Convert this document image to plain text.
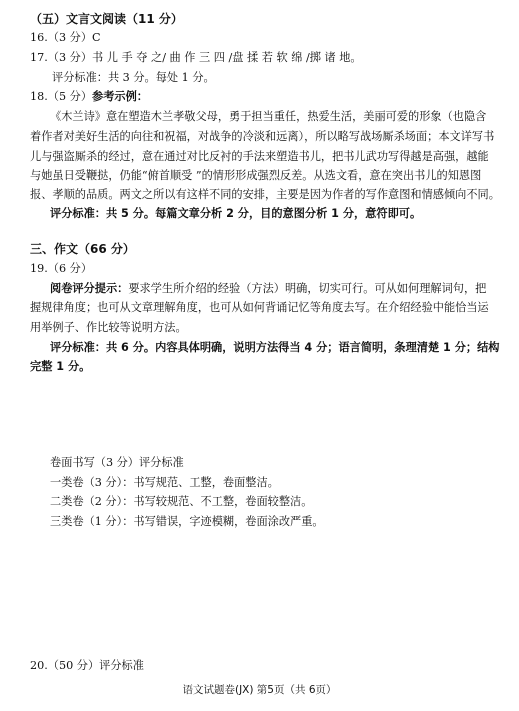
（五）文言文阅读（11 分）
16.（3 分）C
17.（3 分）书 儿 手 夺 之/ 曲 作 三 四 /盘 揉 若 软 绵 /掷 诸 地。
评分标准：共 3 分。每处 1 分。
18.（5 分）参考示例：
《木兰诗》意在塑造木兰孝敬父母，勇于担当重任，热爱生活，美丽可爱的形象（也隐含
着作者对美好生活的向往和祝福，对战争的冷淡和远离），所以略写战场厮杀场面；本文详写书
儿与强盗厮杀的经过，意在通过对比反衬的手法来塑造书儿，把书儿武功写得越是高强，越能
与她虽日受鞭挞，仍能“俯首顺受 ”的情形形成强烈反差。从选文看，意在突出书儿的知恩图
报、孝顺的品质。两文之所以有这样不同的安排，主要是因为作者的写作意图和情感倾向不同。
评分标准：共 5 分。每篇文章分析 2 分，目的意图分析 1 分，意符即可。
三、作文（66 分）
19.（6 分）
阅卷评分提示：要求学生所介绍的经验（方法）明确，切实可行。可从如何理解词句，把
握规律角度；也可从文章理解角度，也可从如何背诵记忆等角度去写。在介绍经验中能恰当运
用举例子、作比较等说明方法。
评分标准：共 6 分。内容具体明确，说明方法得当 4 分；语言简明，条理清楚 1 分；结构
完整 1 分。
卷面书写（3 分）评分标准
一类卷（3 分）：书写规范、工整，卷面整洁。
二类卷（2 分）：书写较规范、不工整，卷面较整洁。
三类卷（1 分）：书写错误，字迹模糊，卷面涂改严重。
20.（50 分）评分标准
语文试题卷(JX) 第5页（共 6页）
